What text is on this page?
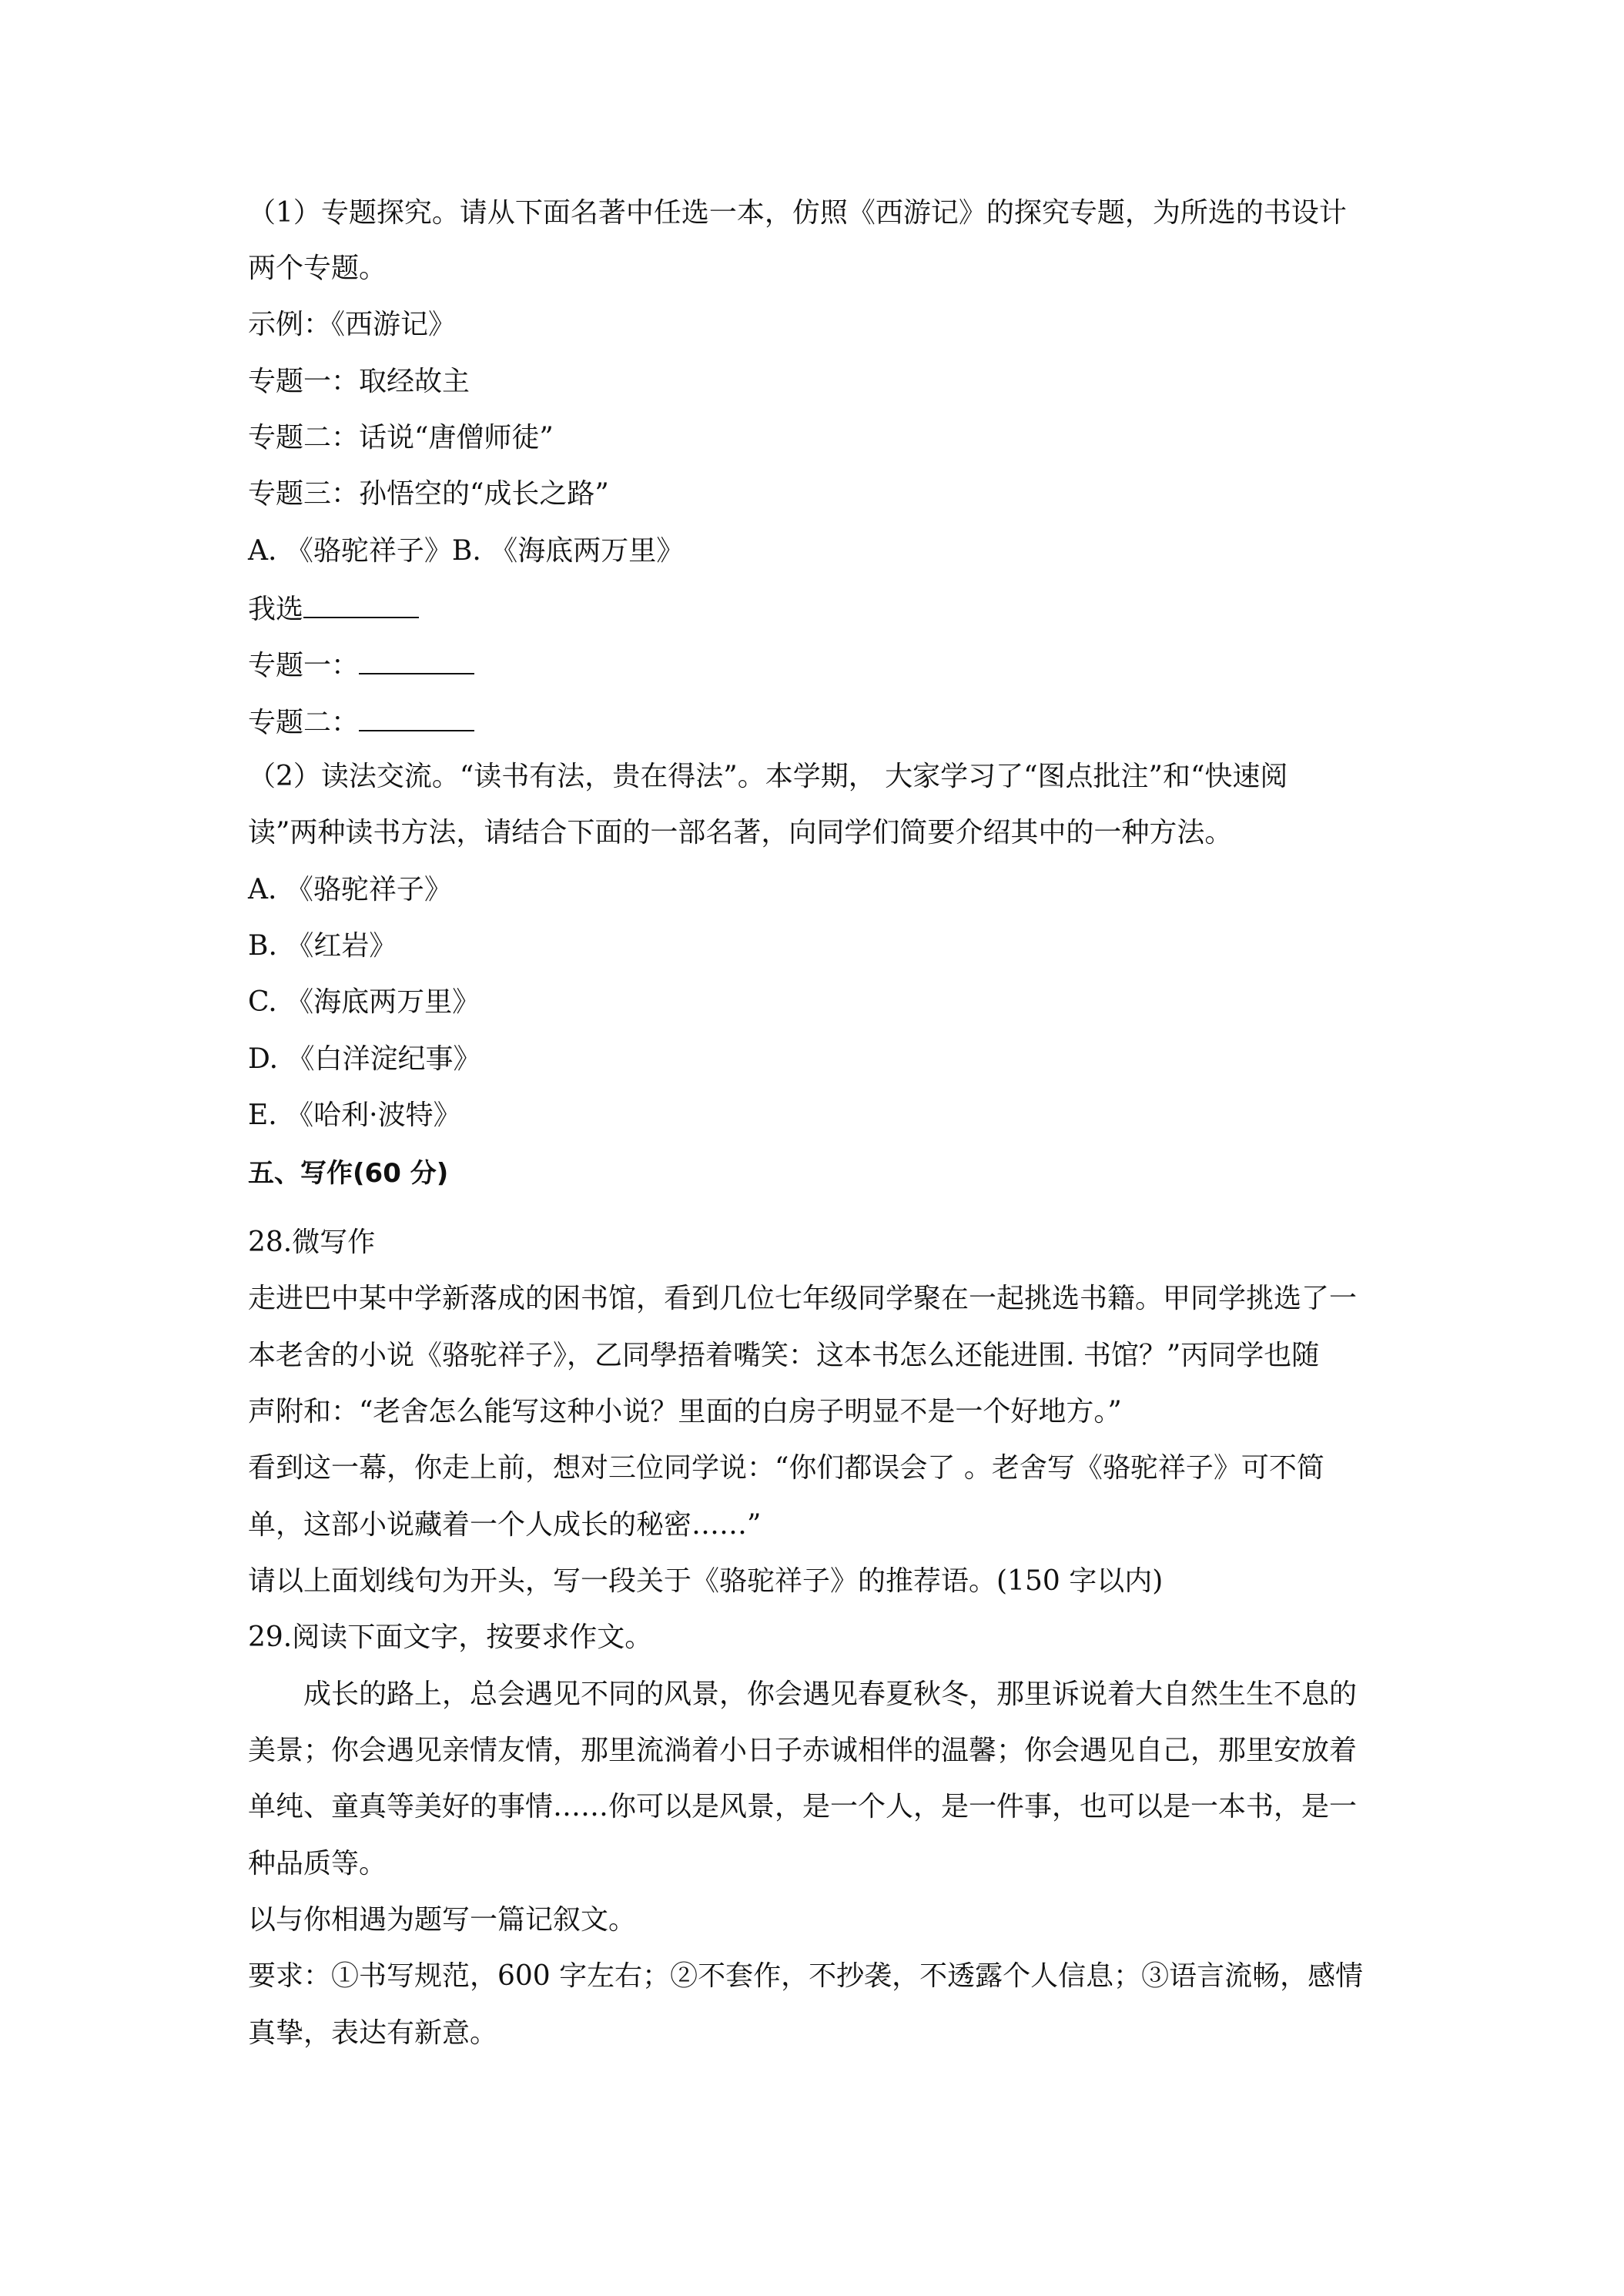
（1）专题探究。请从下面名著中任选一本，仿照《西游记》的探究专题，为所选的书设计
两个专题。
示例：《西游记》
专题一：取经故主
专题二：话说“唐僧师徒”
专题三：孙悟空的“成长之路”
A. 《骆驼祥子》B. 《海底两万里》
我选
专题一：
专题二：
（2）读法交流。“读书有法，贵在得法”。本学期， 大家学习了“图点批注”和“快速阅
读”两种读书方法，请结合下面的一部名著，向同学们简要介绍其中的一种方法。
A. 《骆驼祥子》
B. 《红岩》
C. 《海底两万里》
D. 《白洋淀纪事》
E. 《哈利·波特》
五、写作(60 分)
28.微写作
走进巴中某中学新落成的困书馆，看到几位七年级同学聚在一起挑选书籍。甲同学挑选了一
本老舍的小说《骆驼祥子》，乙同學捂着嘴笑：这本书怎么还能进围. 书馆？”丙同学也随
声附和：“老舍怎么能写这种小说？里面的白房子明显不是一个好地方。”
看到这一幕，你走上前，想对三位同学说：“你们都误会了 。老舍写《骆驼祥子》可不简
单，这部小说藏着一个人成长的秘密……”
请以上面划线句为开头，写一段关于《骆驼祥子》的推荐语。(150 字以内)
29.阅读下面文字，按要求作文。
成长的路上，总会遇见不同的风景，你会遇见春夏秋冬，那里诉说着大自然生生不息的
美景；你会遇见亲情友情，那里流淌着小日子赤诚相伴的温馨；你会遇见自己，那里安放着
单纯、童真等美好的事情……你可以是风景，是一个人，是一件事，也可以是一本书，是一
种品质等。
以与你相遇为题写一篇记叙文。
要求：①书写规范，600 字左右；②不套作，不抄袭，不透露个人信息；③语言流畅，感情
真挚，表达有新意。
